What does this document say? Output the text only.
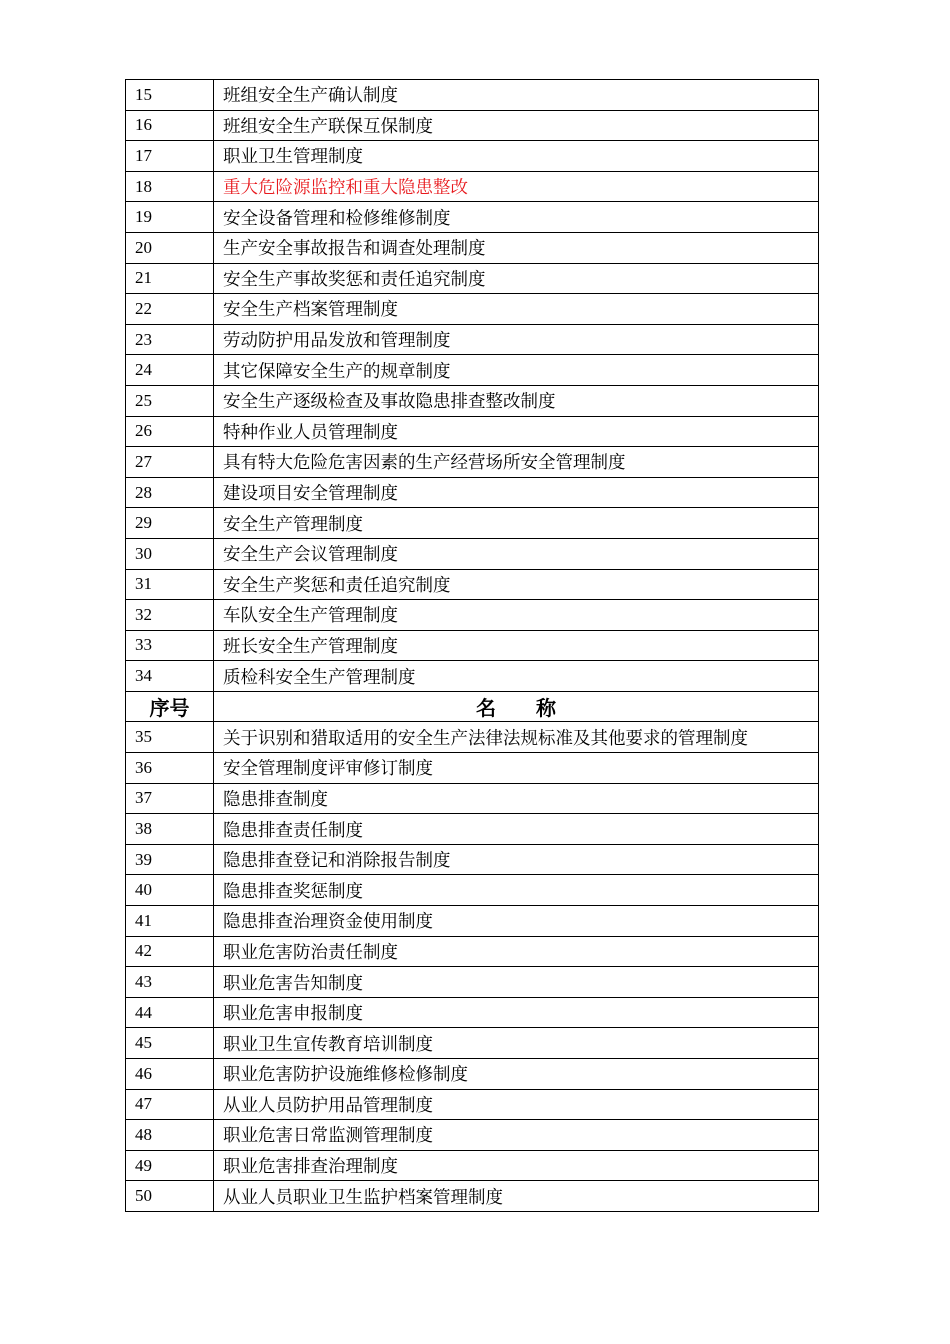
15	班组安全生产确认制度
16	班组安全生产联保互保制度
17	职业卫生管理制度
18	重大危险源监控和重大隐患整改
19	安全设备管理和检修维修制度
20	生产安全事故报告和调查处理制度
21	安全生产事故奖惩和责任追究制度
22	安全生产档案管理制度
23	劳动防护用品发放和管理制度
24	其它保障安全生产的规章制度
25	安全生产逐级检查及事故隐患排查整改制度
26	特种作业人员管理制度
27	具有特大危险危害因素的生产经营场所安全管理制度
28	建设项目安全管理制度
29	安全生产管理制度
30	安全生产会议管理制度
31	安全生产奖惩和责任追究制度
32	车队安全生产管理制度
33	班长安全生产管理制度
34	质检科安全生产管理制度
序号	名 称
35	关于识别和猎取适用的安全生产法律法规标准及其他要求的管理制度
36	安全管理制度评审修订制度
37	隐患排查制度
38	隐患排查责任制度
39	隐患排查登记和消除报告制度
40	隐患排查奖惩制度
41	隐患排查治理资金使用制度
42	职业危害防治责任制度
43	职业危害告知制度
44	职业危害申报制度
45	职业卫生宣传教育培训制度
46	职业危害防护设施维修检修制度
47	从业人员防护用品管理制度
48	职业危害日常监测管理制度
49	职业危害排查治理制度
50	从业人员职业卫生监护档案管理制度
